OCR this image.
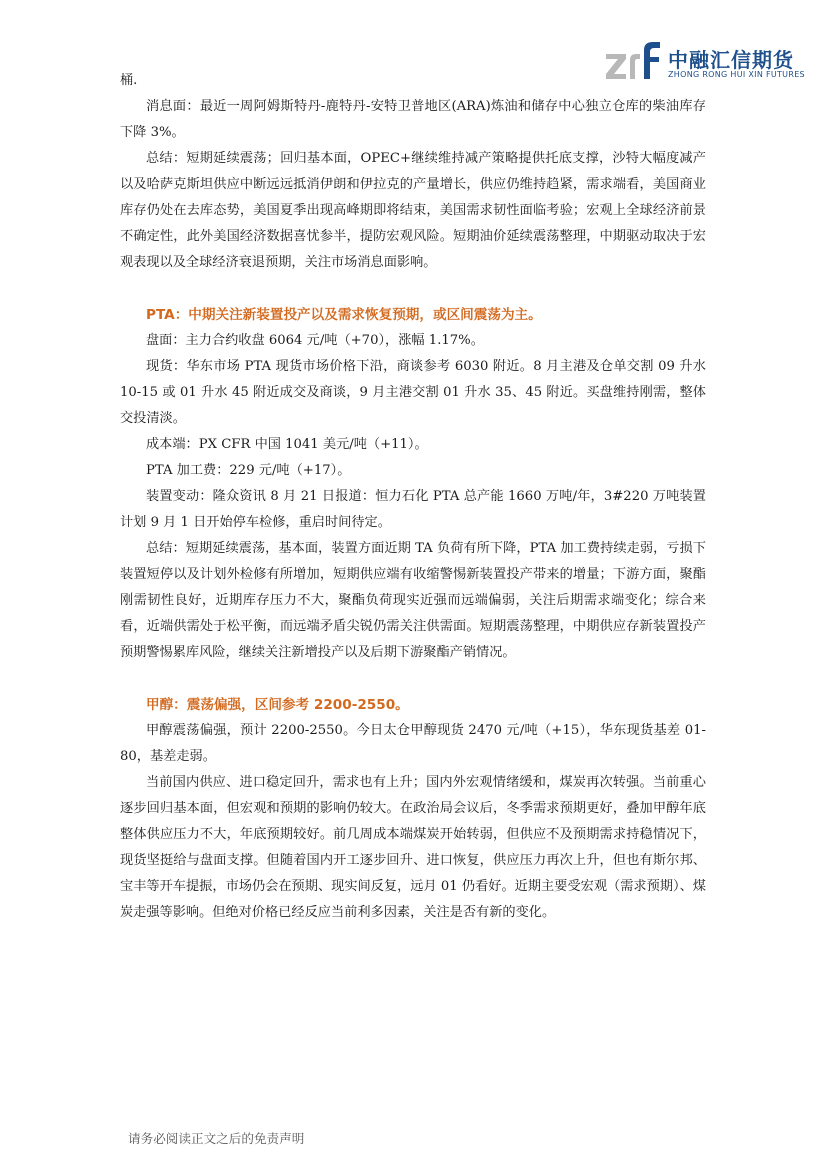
中融汇信期货
ZHONG RONG HUI XIN FUTURES

桶.

消息面：最近一周阿姆斯特丹-鹿特丹-安特卫普地区(ARA)炼油和储存中心独立仓库的柴油库存下降 3%。

总结：短期延续震荡；回归基本面，OPEC+继续维持减产策略提供托底支撑，沙特大幅度减产以及哈萨克斯坦供应中断远远抵消伊朗和伊拉克的产量增长，供应仍维持趋紧，需求端看，美国商业库存仍处在去库态势，美国夏季出现高峰期即将结束，美国需求韧性面临考验；宏观上全球经济前景不确定性，此外美国经济数据喜忧参半，提防宏观风险。短期油价延续震荡整理，中期驱动取决于宏观表现以及全球经济衰退预期，关注市场消息面影响。

PTA：中期关注新装置投产以及需求恢复预期，或区间震荡为主。

盘面：主力合约收盘 6064 元/吨（+70），涨幅 1.17%。

现货：华东市场 PTA 现货市场价格下沿，商谈参考 6030 附近。8 月主港及仓单交割 09 升水 10-15 或 01 升水 45 附近成交及商谈，9 月主港交割 01 升水 35、45 附近。买盘维持刚需，整体交投清淡。

成本端：PX CFR 中国 1041 美元/吨（+11）。

PTA 加工费：229 元/吨（+17）。

装置变动：隆众资讯 8 月 21 日报道：恒力石化 PTA 总产能 1660 万吨/年，3#220 万吨装置计划 9 月 1 日开始停车检修，重启时间待定。

总结：短期延续震荡，基本面，装置方面近期 TA 负荷有所下降，PTA 加工费持续走弱，亏损下装置短停以及计划外检修有所增加，短期供应端有收缩警惕新装置投产带来的增量；下游方面，聚酯刚需韧性良好，近期库存压力不大，聚酯负荷现实近强而远端偏弱，关注后期需求端变化；综合来看，近端供需处于松平衡，而远端矛盾尖锐仍需关注供需面。短期震荡整理，中期供应存新装置投产预期警惕累库风险，继续关注新增投产以及后期下游聚酯产销情况。

甲醇：震荡偏强，区间参考 2200-2550。

甲醇震荡偏强，预计 2200-2550。今日太仓甲醇现货 2470 元/吨（+15），华东现货基差 01-80，基差走弱。

当前国内供应、进口稳定回升，需求也有上升；国内外宏观情绪缓和，煤炭再次转强。当前重心逐步回归基本面，但宏观和预期的影响仍较大。在政治局会议后，冬季需求预期更好，叠加甲醇年底整体供应压力不大，年底预期较好。前几周成本端煤炭开始转弱，但供应不及预期需求持稳情况下，现货坚挺给与盘面支撑。但随着国内开工逐步回升、进口恢复，供应压力再次上升，但也有斯尔邦、宝丰等开车提振，市场仍会在预期、现实间反复，远月 01 仍看好。近期主要受宏观（需求预期）、煤炭走强等影响。但绝对价格已经反应当前利多因素，关注是否有新的变化。

请务必阅读正文之后的免责声明
